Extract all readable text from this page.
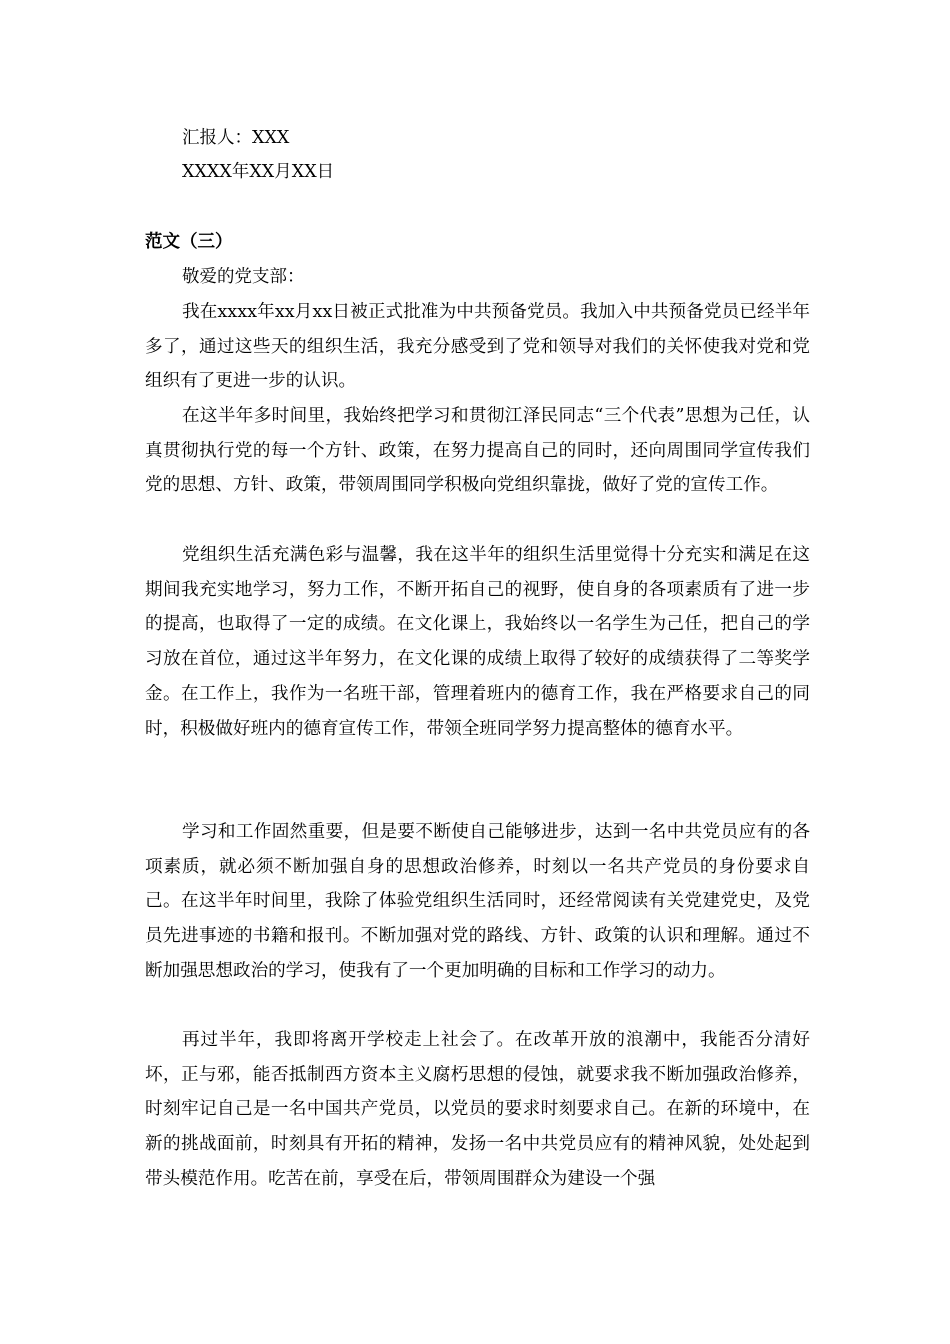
汇报人：XXX
XXXX年XX月XX日
范文（三）
敬爱的党支部：

我在xxxx年xx月xx日被正式批准为中共预备党员。我加入中共预备党员已经半年多了，通过这些天的组织生活，我充分感受到了党和领导对我们的关怀使我对党和党组织有了更进一步的认识。

在这半年多时间里，我始终把学习和贯彻江泽民同志“三个代表”思想为己任，认真贯彻执行党的每一个方针、政策，在努力提高自己的同时，还向周围同学宣传我们党的思想、方针、政策，带领周围同学积极向党组织靠拢，做好了党的宣传工作。

党组织生活充满色彩与温馨，我在这半年的组织生活里觉得十分充实和满足在这期间我充实地学习，努力工作，不断开拓自己的视野，使自身的各项素质有了进一步的提高，也取得了一定的成绩。在文化课上，我始终以一名学生为己任，把自己的学习放在首位，通过这半年努力，在文化课的成绩上取得了较好的成绩获得了二等奖学金。在工作上，我作为一名班干部，管理着班内的德育工作，我在严格要求自己的同时，积极做好班内的德育宣传工作，带领全班同学努力提高整体的德育水平。

学习和工作固然重要，但是要不断使自己能够进步，达到一名中共党员应有的各项素质，就必须不断加强自身的思想政治修养，时刻以一名共产党员的身份要求自己。在这半年时间里，我除了体验党组织生活同时，还经常阅读有关党建党史，及党员先进事迹的书籍和报刊。不断加强对党的路线、方针、政策的认识和理解。通过不断加强思想政治的学习，使我有了一个更加明确的目标和工作学习的动力。

再过半年，我即将离开学校走上社会了。在改革开放的浪潮中，我能否分清好坏，正与邪，能否抵制西方资本主义腐朽思想的侵蚀，就要求我不断加强政治修养，时刻牢记自己是一名中国共产党员，以党员的要求时刻要求自己。在新的环境中，在新的挑战面前，时刻具有开拓的精神，发扬一名中共党员应有的精神风貌，处处起到带头模范作用。吃苦在前，享受在后，带领周围群众为建设一个强
